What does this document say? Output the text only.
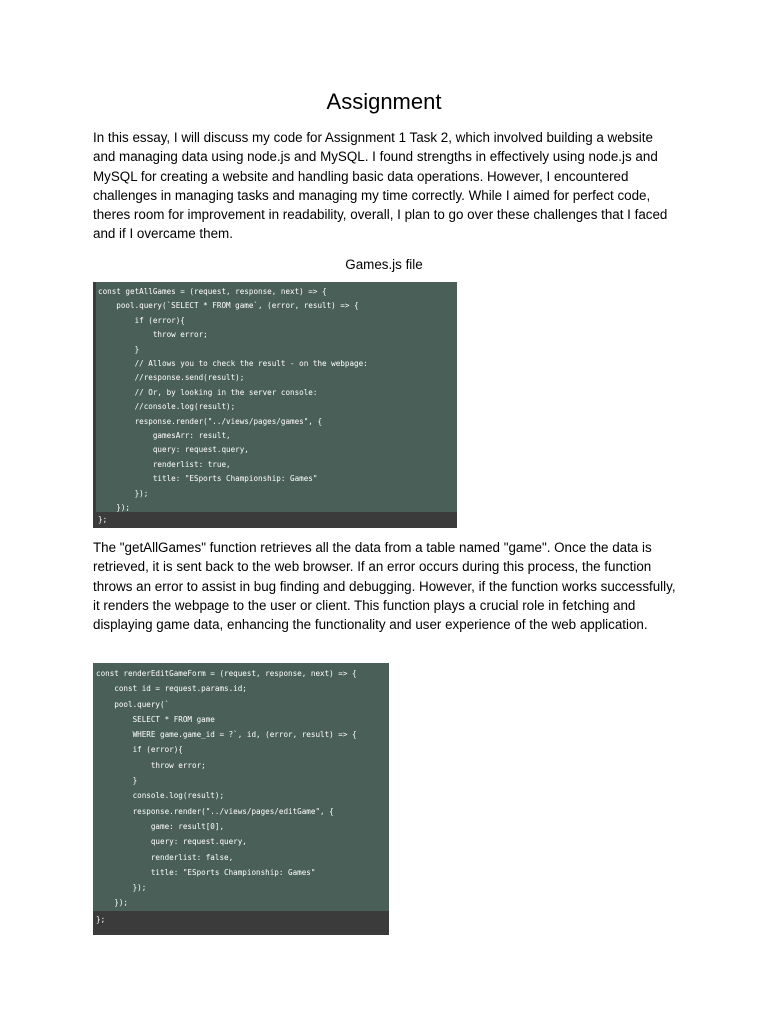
Assignment

In this essay, I will discuss my code for Assignment 1 Task 2, which involved building a website and managing data using node.js and MySQL. I found strengths in effectively using node.js and MySQL for creating a website and handling basic data operations. However, I encountered challenges in managing tasks and managing my time correctly. While I aimed for perfect code, theres room for improvement in readability, overall, I plan to go over these challenges that I faced and if I overcame them.

Games.js file
const getAllGames = (request, response, next) => {
pool.query(`SELECT * FROM game`, (error, result) => {
if (error){
throw error;
}
// Allows you to check the result - on the webpage:
//response.send(result);
// Or, by looking in the server console:
//console.log(result);
response.render("../views/pages/games", {
gamesArr: result,
query: request.query,
renderlist: true,
title: "ESports Championship: Games"
});
});
};

The "getAllGames" function retrieves all the data from a table named "game". Once the data is retrieved, it is sent back to the web browser. If an error occurs during this process, the function throws an error to assist in bug finding and debugging. However, if the function works successfully, it renders the webpage to the user or client. This function plays a crucial role in fetching and displaying game data, enhancing the functionality and user experience of the web application.

const renderEditGameForm = (request, response, next) => {
const id = request.params.id;
pool.query(`
SELECT * FROM game
WHERE game.game_id = ?`, id, (error, result) => {
if (error){
throw error;
}
console.log(result);
response.render("../views/pages/editGame", {
game: result[0],
query: request.query,
renderlist: false,
title: "ESports Championship: Games"
});
});
};
